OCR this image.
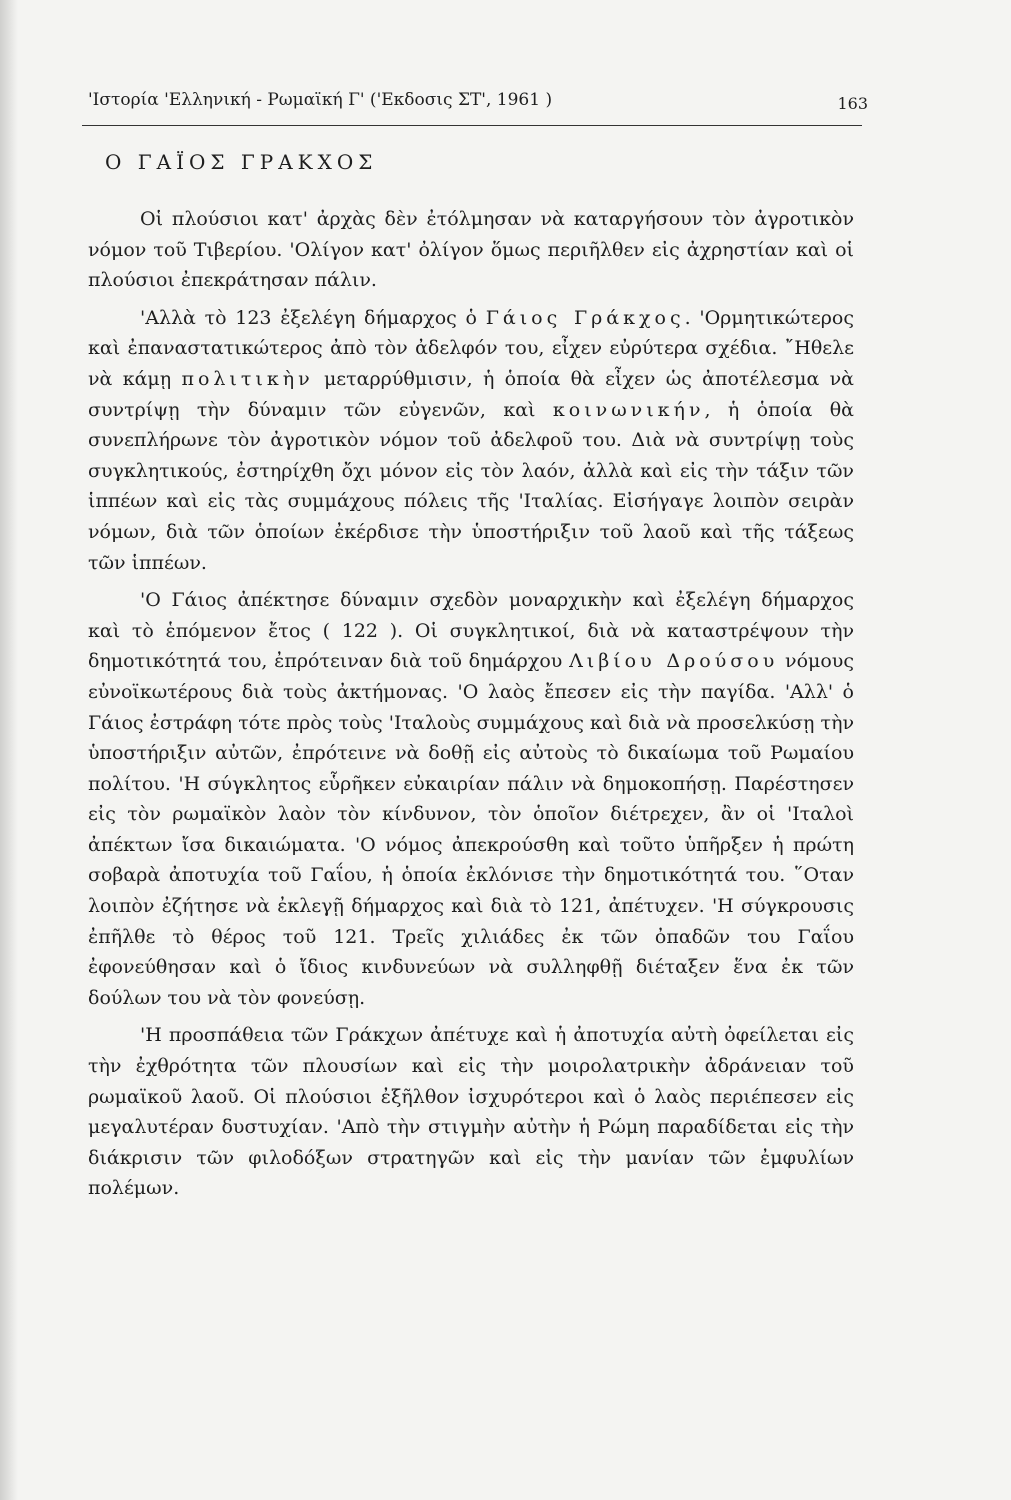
'Ιστορία 'Ελληνική - Ρωμαϊκή Γ' ('Εκδοσις ΣΤ', 1961 )	163
Ο ΓΑΪΟΣ ΓΡΑΚΧΟΣ

Οἱ πλούσιοι κατ' ἀρχὰς δὲν ἐτόλμησαν νὰ καταργήσουν τὸν ἀγροτικὸν νόμον τοῦ Τιβερίου. 'Ολίγον κατ' ὀλίγον ὅμως περιῆλθεν εἰς ἀχρηστίαν καὶ οἱ πλούσιοι ἐπεκράτησαν πάλιν.

'Αλλὰ τὸ 123 ἐξελέγη δήμαρχος ὁ Γάιος Γράκχος. 'Ορμητικώτερος καὶ ἐπαναστατικώτερος ἀπὸ τὸν ἀδελφόν του, εἶχεν εὐρύτερα σχέδια. ῎Ηθελε νὰ κάμῃ πολιτικὴν μεταρρύθμισιν, ἡ ὁποία θὰ εἶχεν ὡς ἀποτέλεσμα νὰ συντρίψῃ τὴν δύναμιν τῶν εὐγενῶν, καὶ κοινωνικήν, ἡ ὁποία θὰ συνεπλήρωνε τὸν ἀγροτικὸν νόμον τοῦ ἀδελφοῦ του. Διὰ νὰ συντρίψῃ τοὺς συγκλητικούς, ἐστηρίχθη ὄχι μόνον εἰς τὸν λαόν, ἀλλὰ καὶ εἰς τὴν τάξιν τῶν ἱππέων καὶ εἰς τὰς συμμάχους πόλεις τῆς 'Ιταλίας. Εἰσήγαγε λοιπὸν σειρὰν νόμων, διὰ τῶν ὁποίων ἐκέρδισε τὴν ὑποστήριξιν τοῦ λαοῦ καὶ τῆς τάξεως τῶν ἱππέων.

'Ο Γάιος ἀπέκτησε δύναμιν σχεδὸν μοναρχικὴν καὶ ἐξελέγη δήμαρχος καὶ τὸ ἑπόμενον ἔτος ( 122 ). Οἱ συγκλητικοί, διὰ νὰ καταστρέψουν τὴν δημοτικότητά του, ἐπρότειναν διὰ τοῦ δημάρχου Λιβίου Δρούσου νόμους εὐνοϊκωτέρους διὰ τοὺς ἀκτήμονας. 'Ο λαὸς ἔπεσεν εἰς τὴν παγίδα. 'Αλλ' ὁ Γάιος ἐστράφη τότε πρὸς τοὺς 'Ιταλοὺς συμμάχους καὶ διὰ νὰ προσελκύσῃ τὴν ὑποστήριξιν αὐτῶν, ἐπρότεινε νὰ δοθῇ εἰς αὐτοὺς τὸ δικαίωμα τοῦ Ρωμαίου πολίτου. 'Η σύγκλητος εὗρῆκεν εὐκαιρίαν πάλιν νὰ δημοκοπήσῃ. Παρέστησεν εἰς τὸν ρωμαϊκὸν λαὸν τὸν κίνδυνον, τὸν ὁποῖον διέτρεχεν, ἂν οἱ 'Ιταλοὶ ἀπέκτων ἴσα δικαιώματα. 'Ο νόμος ἀπεκρούσθη καὶ τοῦτο ὑπῆρξεν ἡ πρώτη σοβαρὰ ἀποτυχία τοῦ Γαΐου, ἡ ὁποία ἐκλόνισε τὴν δημοτικότητά του. ῞Οταν λοιπὸν ἐζήτησε νὰ ἐκλεγῇ δήμαρχος καὶ διὰ τὸ 121, ἀπέτυχεν. 'Η σύγκρουσις ἐπῆλθε τὸ θέρος τοῦ 121. Τρεῖς χιλιάδες ἐκ τῶν ὀπαδῶν του Γαΐου ἐφονεύθησαν καὶ ὁ ἴδιος κινδυνεύων νὰ συλληφθῇ διέταξεν ἕνα ἐκ τῶν δούλων του νὰ τὸν φονεύσῃ.

'Η προσπάθεια τῶν Γράκχων ἀπέτυχε καὶ ἡ ἀποτυχία αὐτὴ ὀφείλεται εἰς τὴν ἐχθρότητα τῶν πλουσίων καὶ εἰς τὴν μοιρολατρικὴν ἀδράνειαν τοῦ ρωμαϊκοῦ λαοῦ. Οἱ πλούσιοι ἐξῆλθον ἰσχυρότεροι καὶ ὁ λαὸς περιέπεσεν εἰς μεγαλυτέραν δυστυχίαν. 'Απὸ τὴν στιγμὴν αὐτὴν ἡ Ρώμη παραδίδεται εἰς τὴν διάκρισιν τῶν φιλοδόξων στρατηγῶν καὶ εἰς τὴν μανίαν τῶν ἐμφυλίων πολέμων.
